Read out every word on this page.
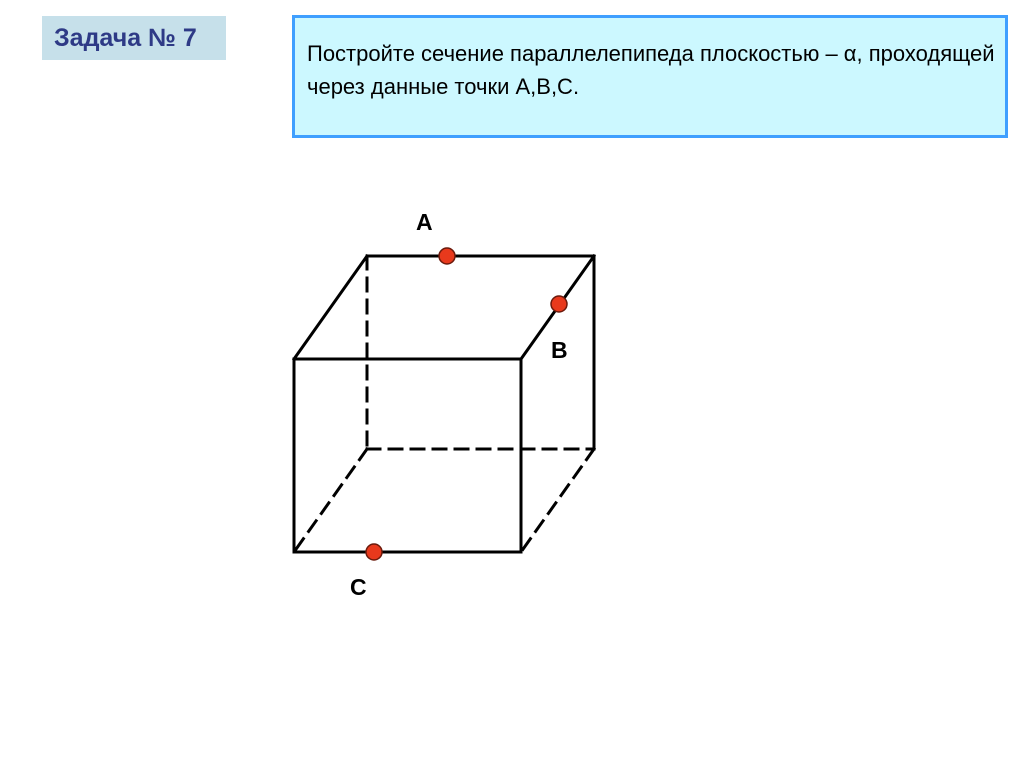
Задача № 7
Постройте сечение параллелепипеда плоскостью – α, проходящей через данные точки А,В,С.
А
B
C
